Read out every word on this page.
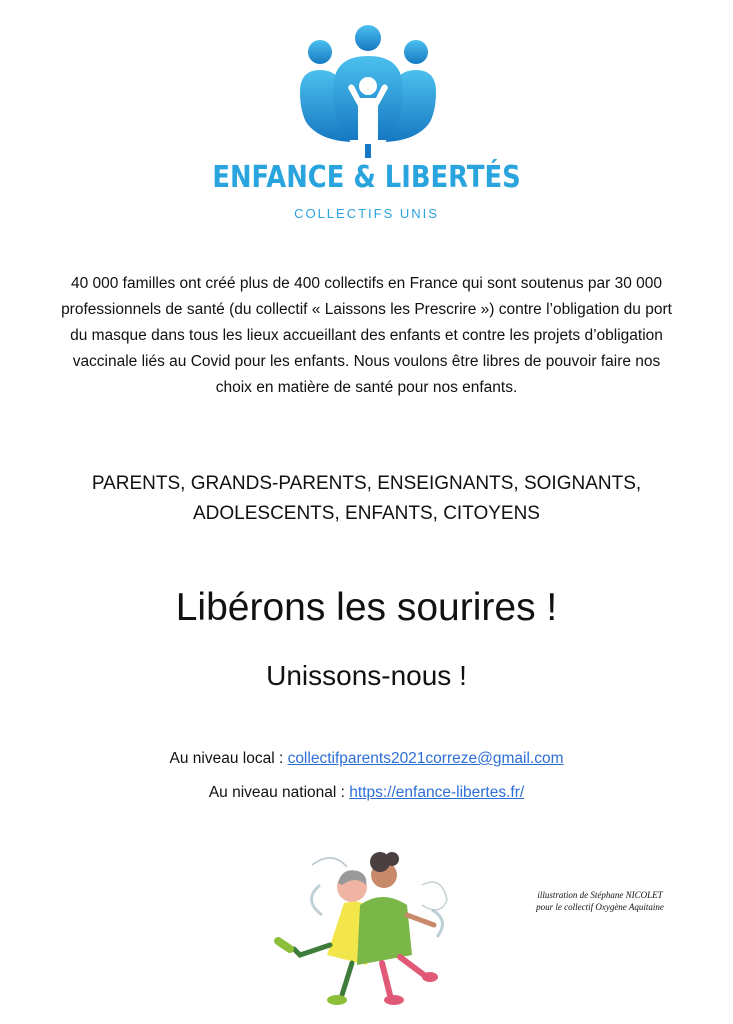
ENFANCE & LIBERTÉS
COLLECTIFS UNIS

40 000 familles ont créé plus de 400 collectifs en France qui sont soutenus par 30 000 professionnels de santé (du collectif « Laissons les Prescrire ») contre l’obligation du port du masque dans tous les lieux accueillant des enfants et contre les projets d’obligation vaccinale liés au Covid pour les enfants. Nous voulons être libres de pouvoir faire nos choix en matière de santé pour nos enfants.

PARENTS, GRANDS-PARENTS, ENSEIGNANTS, SOIGNANTS,
ADOLESCENTS, ENFANTS, CITOYENS
Libérons les sourires !
Unissons-nous !
Au niveau local : collectifparents2021correze@gmail.com
Au niveau national : https://enfance-libertes.fr/
illustration de Stéphane NICOLET
pour le collectif Oxygène Aquitaine
